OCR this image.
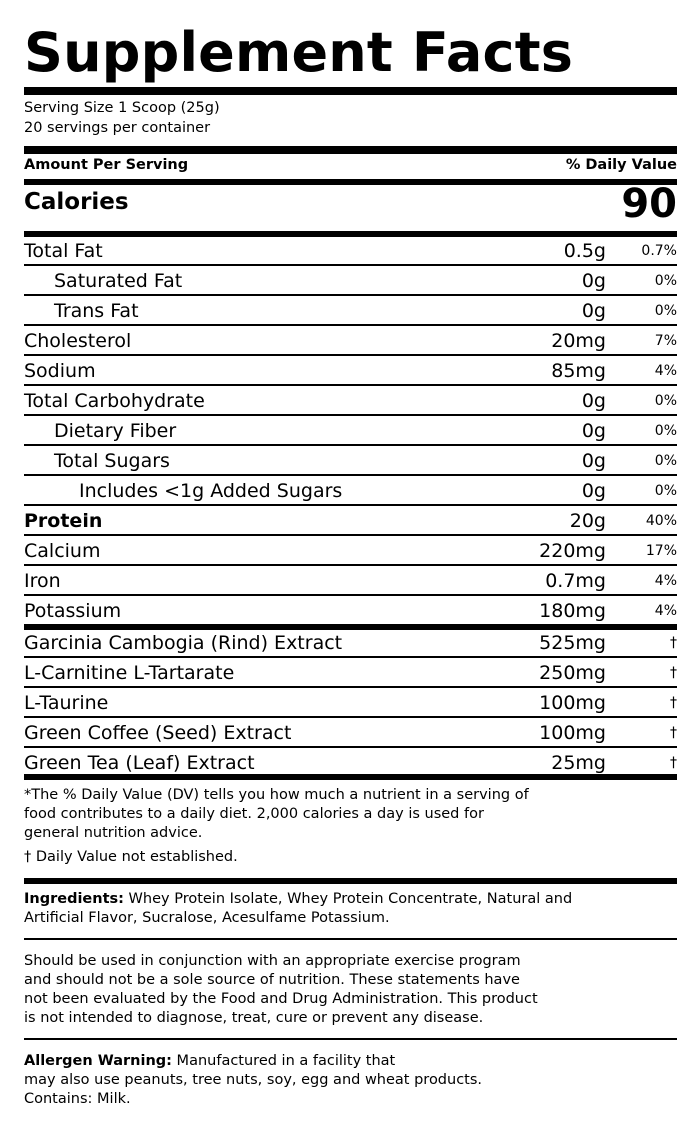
Supplement Facts
Serving Size 1 Scoop (25g)
20 servings per container
Amount Per Serving	% Daily Value
Calories	90
Total Fat	0.5g	0.7%
Saturated Fat	0g	0%
Trans Fat	0g	0%
Cholesterol	20mg	7%
Sodium	85mg	4%
Total Carbohydrate	0g	0%
Dietary Fiber	0g	0%
Total Sugars	0g	0%
Includes <1g Added Sugars	0g	0%
Protein	20g	40%
Calcium	220mg	17%
Iron	0.7mg	4%
Potassium	180mg	4%
Garcinia Cambogia (Rind) Extract	525mg	†
L-Carnitine L-Tartarate	250mg	†
L-Taurine	100mg	†
Green Coffee (Seed) Extract	100mg	†
Green Tea (Leaf) Extract	25mg	†
*The % Daily Value (DV) tells you how much a nutrient in a serving of
food contributes to a daily diet. 2,000 calories a day is used for
general nutrition advice.
† Daily Value not established.
Ingredients: Whey Protein Isolate, Whey Protein Concentrate, Natural and
Artificial Flavor, Sucralose, Acesulfame Potassium.
Should be used in conjunction with an appropriate exercise program
and should not be a sole source of nutrition. These statements have
not been evaluated by the Food and Drug Administration. This product
is not intended to diagnose, treat, cure or prevent any disease.
Allergen Warning: Manufactured in a facility that
may also use peanuts, tree nuts, soy, egg and wheat products.
Contains: Milk.
